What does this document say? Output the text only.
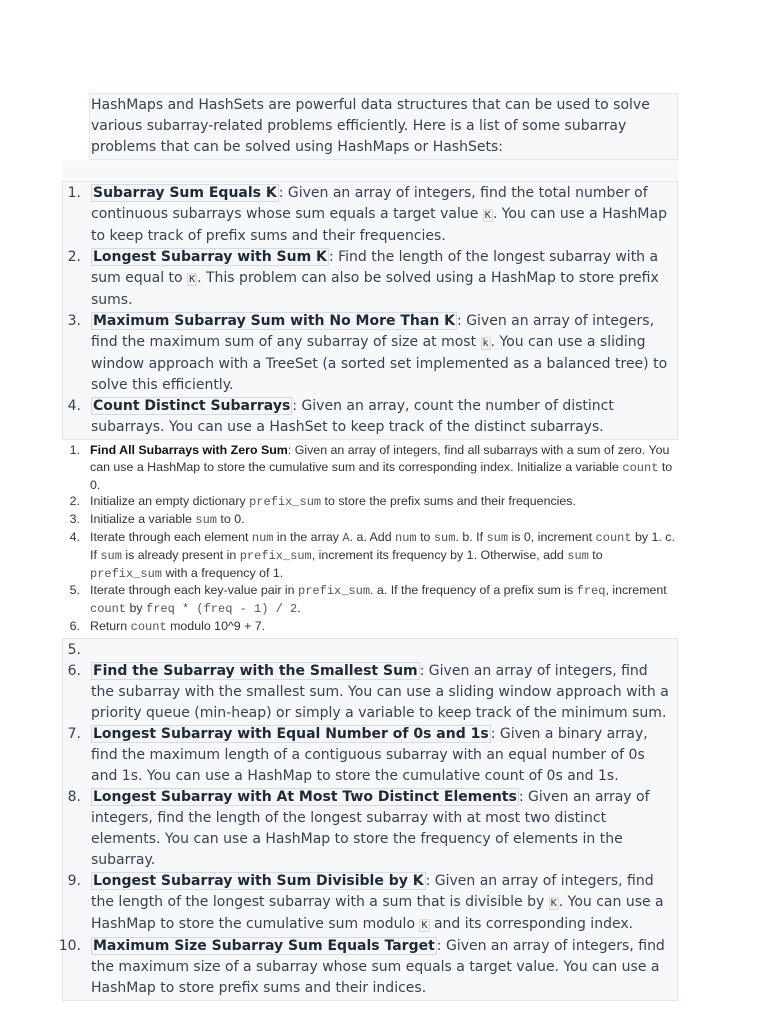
HashMaps and HashSets are powerful data structures that can be used to solve various subarray-related problems efficiently. Here is a list of some subarray problems that can be solved using HashMaps or HashSets:
1. Subarray Sum Equals K : Given an array of integers, find the total number of continuous subarrays whose sum equals a target value K . You can use a HashMap to keep track of prefix sums and their frequencies.
2. Longest Subarray with Sum K : Find the length of the longest subarray with a sum equal to K . This problem can also be solved using a HashMap to store prefix sums.
3. Maximum Subarray Sum with No More Than K : Given an array of integers, find the maximum sum of any subarray of size at most k . You can use a sliding window approach with a TreeSet (a sorted set implemented as a balanced tree) to solve this efficiently.
4. Count Distinct Subarrays : Given an array, count the number of distinct subarrays. You can use a HashSet to keep track of the distinct subarrays.
1. Find All Subarrays with Zero Sum: Given an array of integers, find all subarrays with a sum of zero. You can use a HashMap to store the cumulative sum and its corresponding index. Initialize a variable count to 0.
2. Initialize an empty dictionary prefix_sum to store the prefix sums and their frequencies.
3. Initialize a variable sum to 0.
4. Iterate through each element num in the array A. a. Add num to sum. b. If sum is 0, increment count by 1. c. If sum is already present in prefix_sum, increment its frequency by 1. Otherwise, add sum to prefix_sum with a frequency of 1.
5. Iterate through each key-value pair in prefix_sum. a. If the frequency of a prefix sum is freq, increment count by freq * (freq - 1) / 2.
6. Return count modulo 10^9 + 7.
5.
6. Find the Subarray with the Smallest Sum : Given an array of integers, find the subarray with the smallest sum. You can use a sliding window approach with a priority queue (min-heap) or simply a variable to keep track of the minimum sum.
7. Longest Subarray with Equal Number of 0s and 1s : Given a binary array, find the maximum length of a contiguous subarray with an equal number of 0s and 1s. You can use a HashMap to store the cumulative count of 0s and 1s.
8. Longest Subarray with At Most Two Distinct Elements : Given an array of integers, find the length of the longest subarray with at most two distinct elements. You can use a HashMap to store the frequency of elements in the subarray.
9. Longest Subarray with Sum Divisible by K : Given an array of integers, find the length of the longest subarray with a sum that is divisible by K . You can use a HashMap to store the cumulative sum modulo K and its corresponding index.
10. Maximum Size Subarray Sum Equals Target : Given an array of integers, find the maximum size of a subarray whose sum equals a target value. You can use a HashMap to store prefix sums and their indices.
